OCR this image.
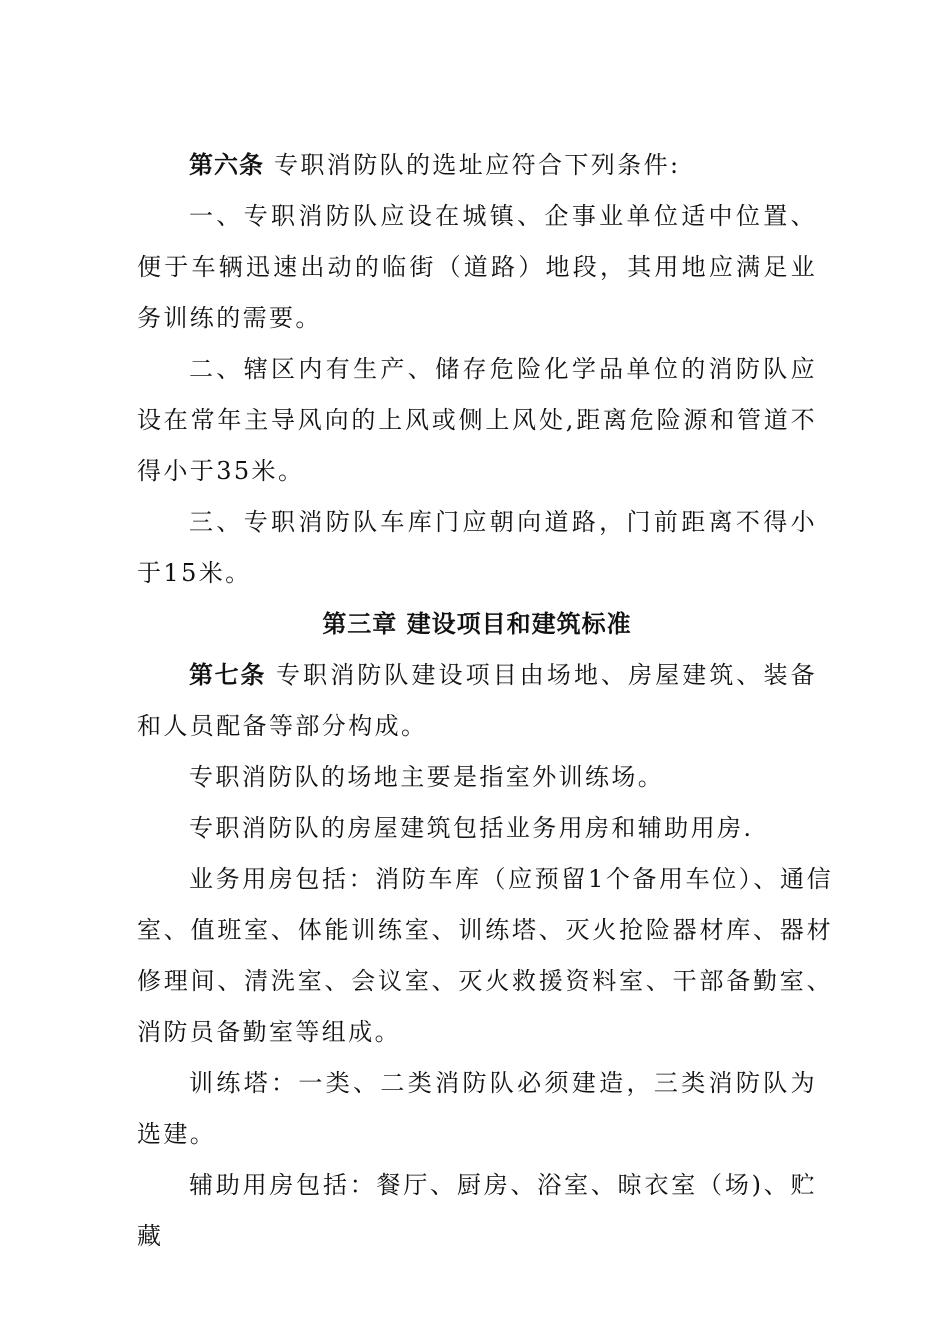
第六条 专职消防队的选址应符合下列条件:

一、专职消防队应设在城镇、企事业单位适中位置、便于车辆迅速出动的临街（道路）地段，其用地应满足业务训练的需要。

二、辖区内有生产、储存危险化学品单位的消防队应设在常年主导风向的上风或侧上风处,距离危险源和管道不得小于35米。

三、专职消防队车库门应朝向道路，门前距离不得小于15米。

第三章 建设项目和建筑标准

第七条 专职消防队建设项目由场地、房屋建筑、装备和人员配备等部分构成。

专职消防队的场地主要是指室外训练场。

专职消防队的房屋建筑包括业务用房和辅助用房.

业务用房包括：消防车库（应预留1个备用车位）、通信室、值班室、体能训练室、训练塔、灭火抢险器材库、器材修理间、清洗室、会议室、灭火救援资料室、干部备勤室、消防员备勤室等组成。

训练塔：一类、二类消防队必须建造，三类消防队为选建。

辅助用房包括：餐厅、厨房、浴室、晾衣室（场)、贮藏
